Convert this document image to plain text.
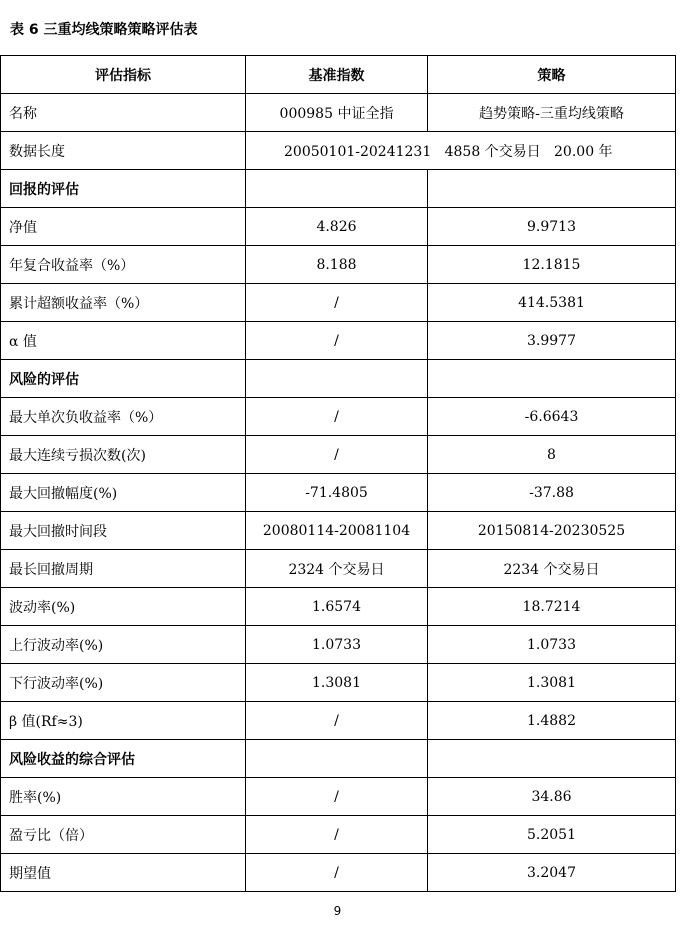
表 6 三重均线策略策略评估表
评估指标	基准指数	策略
名称	000985 中证全指	趋势策略-三重均线策略
数据长度	20050101-20241231   4858 个交易日   20.00 年	
回报的评估		
净值	4.826	9.9713
年复合收益率（%）	8.188	12.1815
累计超额收益率（%）	/	414.5381
α 值	/	3.9977
风险的评估		
最大单次负收益率（%）	/	-6.6643
最大连续亏损次数(次)	/	8
最大回撤幅度(%)	-71.4805	-37.88
最大回撤时间段	20080114-20081104	20150814-20230525
最长回撤周期	2324 个交易日	2234 个交易日
波动率(%)	1.6574	18.7214
上行波动率(%)	1.0733	1.0733
下行波动率(%)	1.3081	1.3081
β 值(Rf≈3)	/	1.4882
风险收益的综合评估		
胜率(%)	/	34.86
盈亏比（倍）	/	5.2051
期望值	/	3.2047
9
